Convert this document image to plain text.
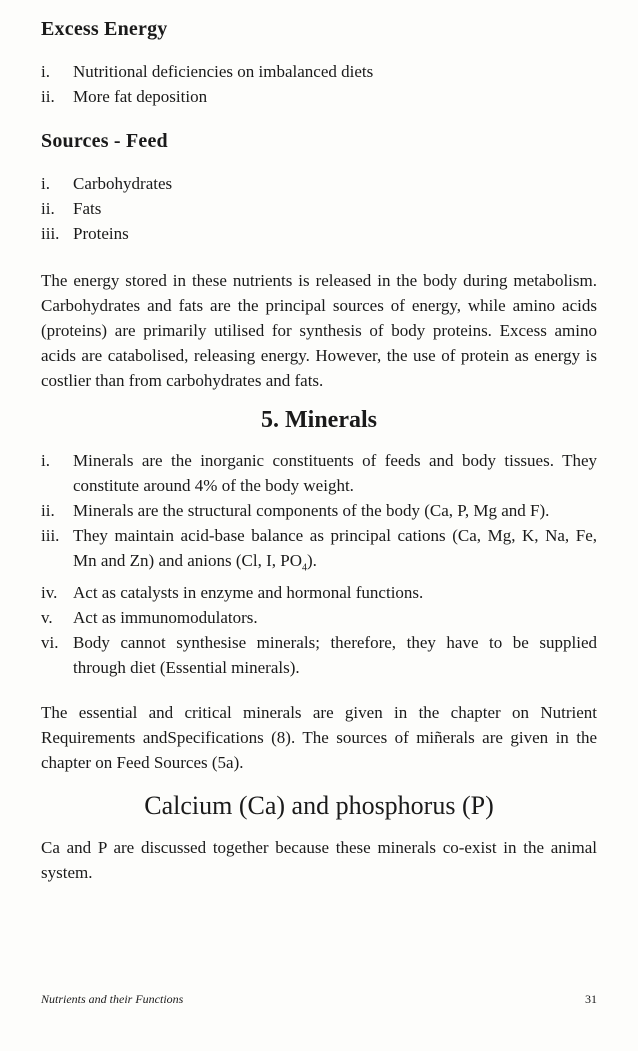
Excess Energy
i.	Nutritional deficiencies on imbalanced diets
ii.	More fat deposition
Sources - Feed
i.	Carbohydrates
ii.	Fats
iii. Proteins

The energy stored in these nutrients is released in the body during metabolism. Carbohydrates and fats are the principal sources of energy, while amino acids (proteins) are primarily utilised for synthesis of body proteins. Excess amino acids are catabolised, releasing energy. However, the use of protein as energy is costlier than from carbohydrates and fats.

5. Minerals
i.	Minerals are the inorganic constituents of feeds and body tissues. They constitute around 4% of the body weight.
ii.	Minerals are the structural components of the body (Ca, P, Mg and F).
iii. They maintain acid-base balance as principal cations (Ca, Mg, K, Na, Fe, Mn and Zn) and anions (Cl, I, $PO_4$).
iv. Act as catalysts in enzyme and hormonal functions.
v.	Act as immunomodulators.
vi. Body cannot synthesise minerals; therefore, they have to be supplied through diet (Essential minerals).

The essential and critical minerals are given in the chapter on Nutrient Requirements andSpecifications (8). The sources of miñerals are given in the chapter on Feed Sources (5a).

Calcium (Ca) and phosphorus (P)

Ca and P are discussed together because these minerals co-exist in the animal system.

Nutrients and their Functions	31
